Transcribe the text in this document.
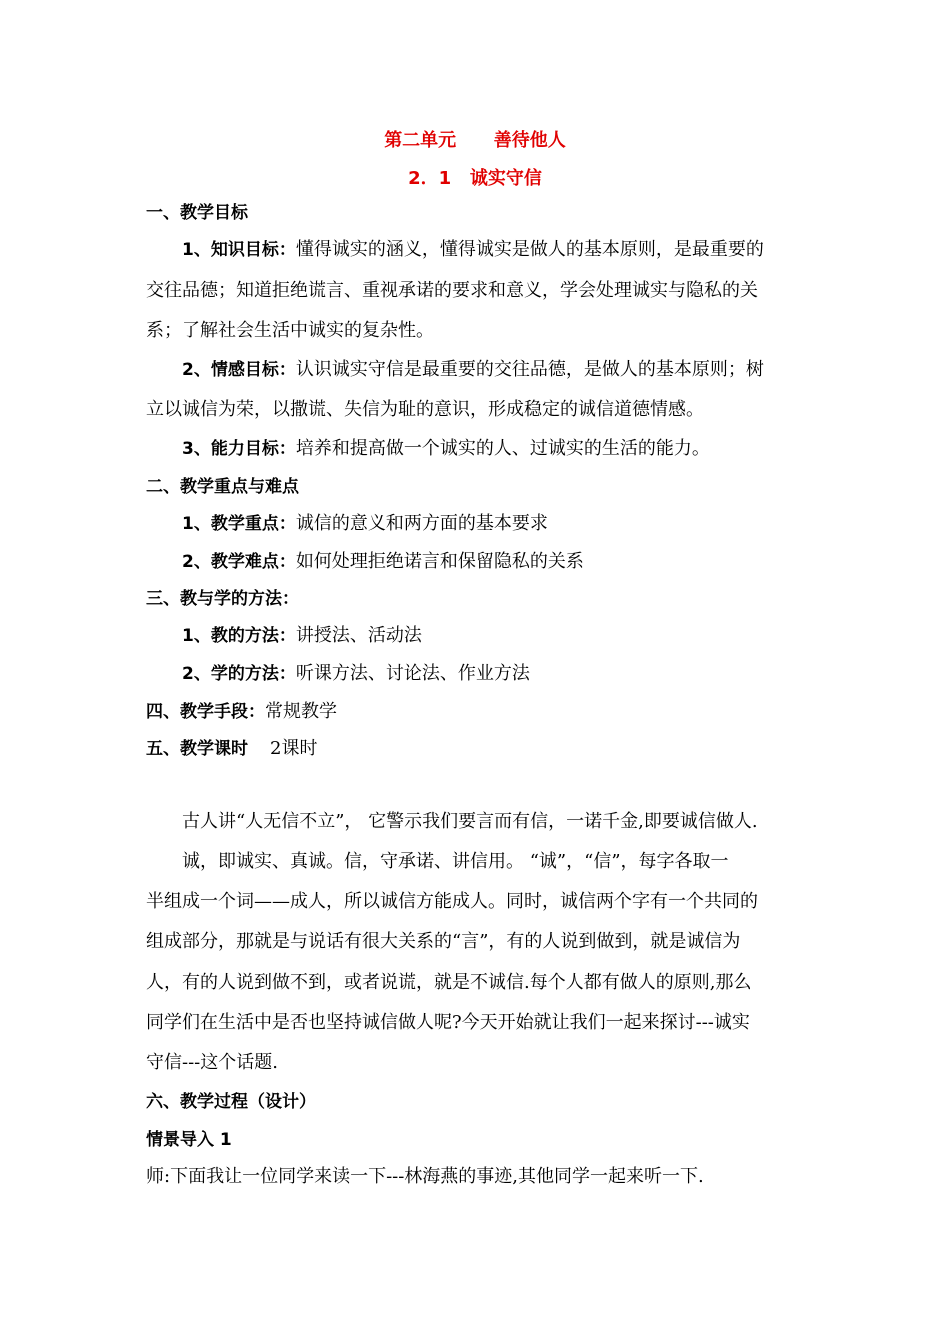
第二单元      善待他人
2．1   诚实守信
一、教学目标
1、知识目标：懂得诚实的涵义，懂得诚实是做人的基本原则，是最重要的
交往品德；知道拒绝谎言、重视承诺的要求和意义，学会处理诚实与隐私的关
系；了解社会生活中诚实的复杂性。
2、情感目标：认识诚实守信是最重要的交往品德，是做人的基本原则；树
立以诚信为荣，以撒谎、失信为耻的意识，形成稳定的诚信道德情感。
3、能力目标：培养和提高做一个诚实的人、过诚实的生活的能力。
二、教学重点与难点
1、教学重点：诚信的意义和两方面的基本要求
2、教学难点：如何处理拒绝诺言和保留隐私的关系
三、教与学的方法：
1、教的方法：讲授法、活动法
2、学的方法：听课方法、讨论法、作业方法
四、教学手段：常规教学
五、教学课时 2课时
古人讲“人无信不立”， 它警示我们要言而有信，一诺千金,即要诚信做人.
诚，即诚实、真诚。信，守承诺、讲信用。 “诚”，“信”，每字各取一
半组成一个词——成人，所以诚信方能成人。同时，诚信两个字有一个共同的
组成部分，那就是与说话有很大关系的“言”，有的人说到做到，就是诚信为
人，有的人说到做不到，或者说谎，就是不诚信.每个人都有做人的原则,那么
同学们在生活中是否也坚持诚信做人呢?今天开始就让我们一起来探讨---诚实
守信---这个话题.
六、教学过程（设计）
情景导入 1
师:下面我让一位同学来读一下---林海燕的事迹,其他同学一起来听一下.
